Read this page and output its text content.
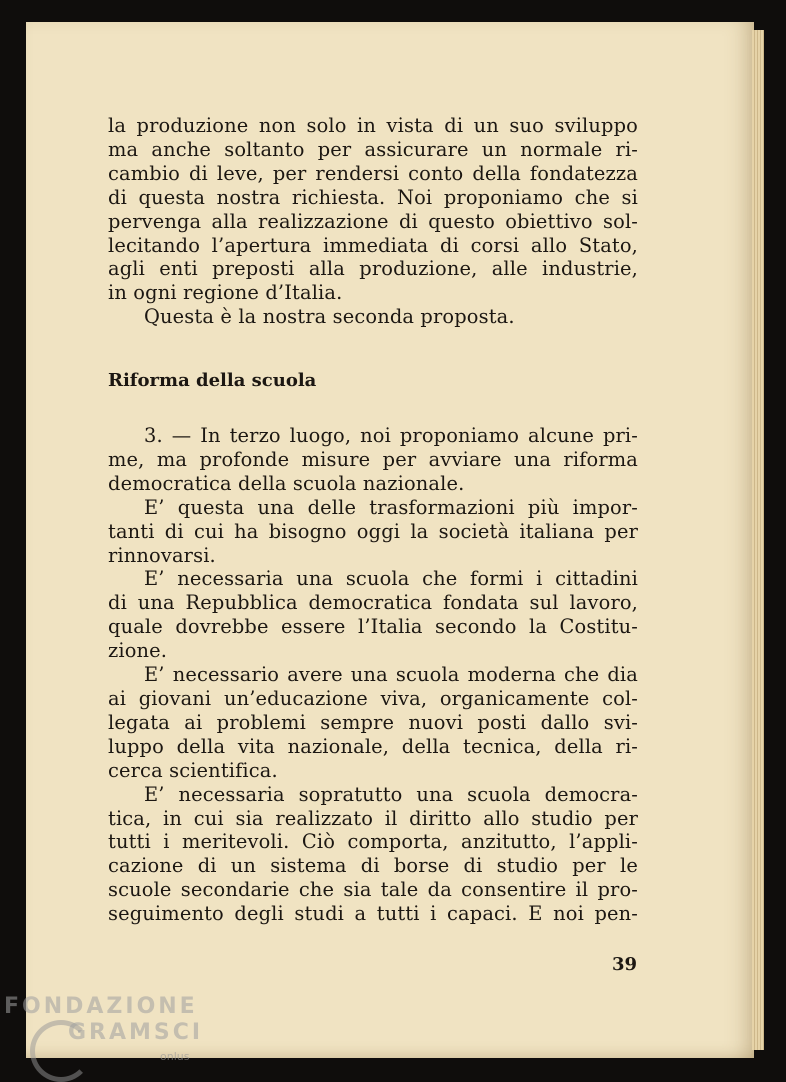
la produzione non solo in vista di un suo sviluppo
ma anche soltanto per assicurare un normale ri-
cambio di leve, per rendersi conto della fondatezza
di questa nostra richiesta. Noi proponiamo che si
pervenga alla realizzazione di questo obiettivo sol-
lecitando l’apertura immediata di corsi allo Stato,
agli enti preposti alla produzione, alle industrie,
in ogni regione d’Italia.
Questa è la nostra seconda proposta.
Riforma della scuola
3. — In terzo luogo, noi proponiamo alcune pri-
me, ma profonde misure per avviare una riforma
democratica della scuola nazionale.
E’ questa una delle trasformazioni più impor-
tanti di cui ha bisogno oggi la società italiana per
rinnovarsi.
E’ necessaria una scuola che formi i cittadini
di una Repubblica democratica fondata sul lavoro,
quale dovrebbe essere l’Italia secondo la Costitu-
zione.
E’ necessario avere una scuola moderna che dia
ai giovani un’educazione viva, organicamente col-
legata ai problemi sempre nuovi posti dallo svi-
luppo della vita nazionale, della tecnica, della ri-
cerca scientifica.
E’ necessaria sopratutto una scuola democra-
tica, in cui sia realizzato il diritto allo studio per
tutti i meritevoli. Ciò comporta, anzitutto, l’appli-
cazione di un sistema di borse di studio per le
scuole secondarie che sia tale da consentire il pro-
seguimento degli studi a tutti i capaci. E noi pen-
39
FONDAZIONE
GRAMSCI
onlus
